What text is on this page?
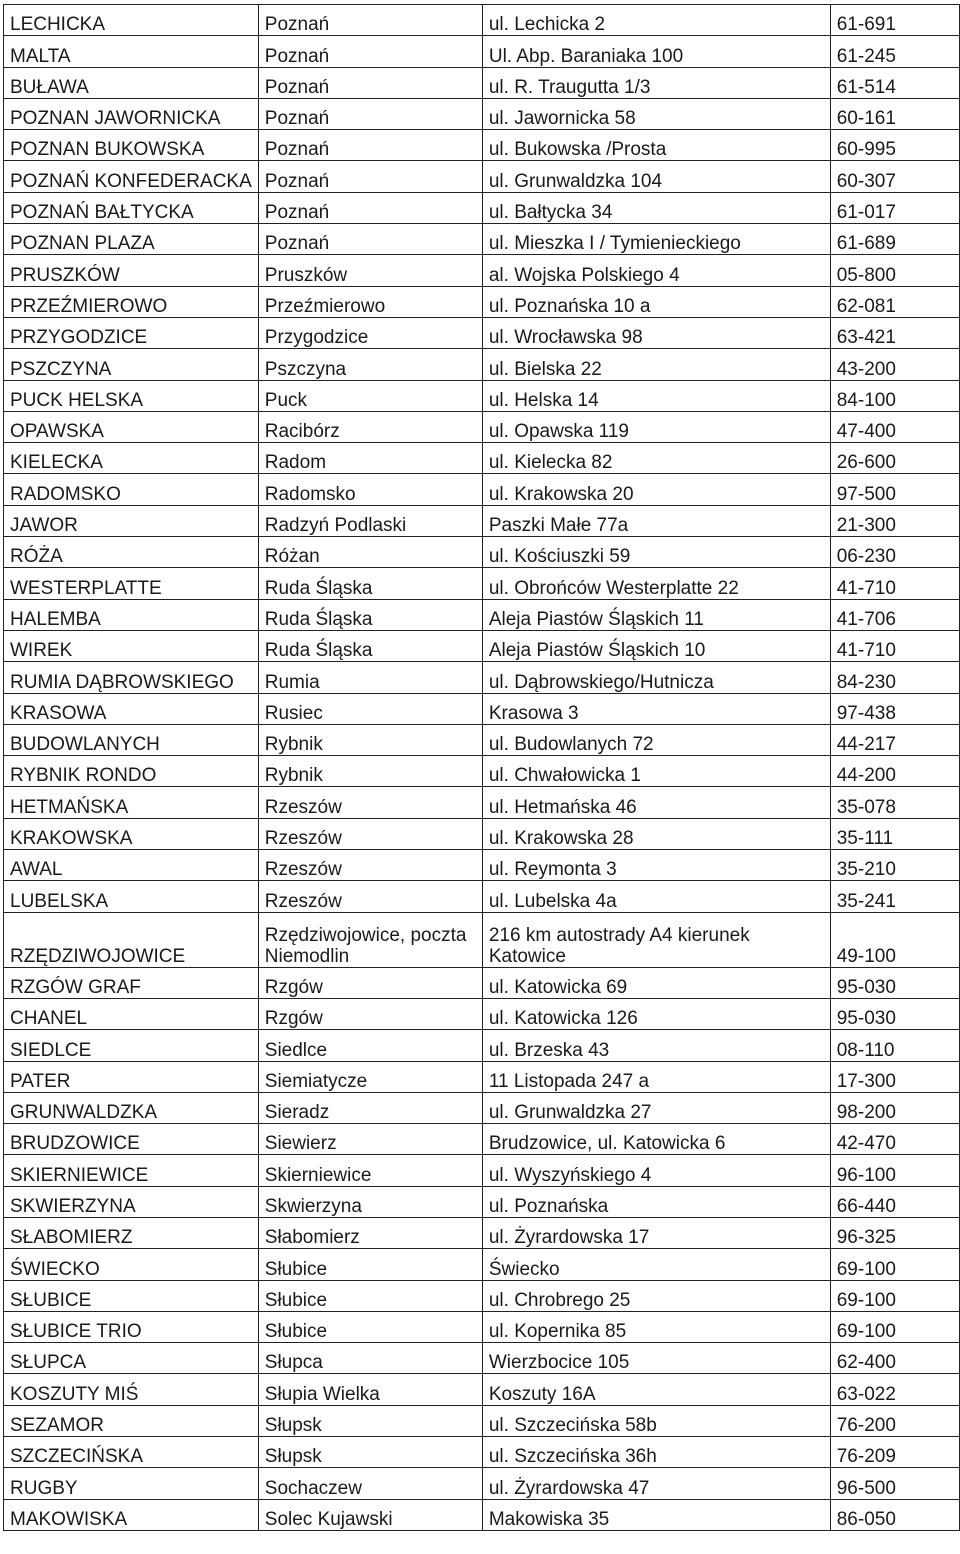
LECHICKA	Poznań	ul. Lechicka 2	61-691
MALTA	Poznań	Ul. Abp. Baraniaka 100	61-245
BUŁAWA	Poznań	ul. R. Traugutta 1/3	61-514
POZNAN JAWORNICKA	Poznań	ul. Jawornicka 58	60-161
POZNAN BUKOWSKA	Poznań	ul. Bukowska /Prosta	60-995
POZNAŃ KONFEDERACKA	Poznań	ul. Grunwaldzka 104	60-307
POZNAŃ BAŁTYCKA	Poznań	ul. Bałtycka 34	61-017
POZNAN PLAZA	Poznań	ul. Mieszka I / Tymienieckiego	61-689
PRUSZKÓW	Pruszków	al. Wojska Polskiego 4	05-800
PRZEŹMIEROWO	Przeźmierowo	ul. Poznańska 10 a	62-081
PRZYGODZICE	Przygodzice	ul. Wrocławska 98	63-421
PSZCZYNA	Pszczyna	ul. Bielska 22	43-200
PUCK HELSKA	Puck	ul. Helska 14	84-100
OPAWSKA	Racibórz	ul. Opawska 119	47-400
KIELECKA	Radom	ul. Kielecka 82	26-600
RADOMSKO	Radomsko	ul. Krakowska 20	97-500
JAWOR	Radzyń Podlaski	Paszki Małe 77a	21-300
RÓŻA	Różan	ul. Kościuszki 59	06-230
WESTERPLATTE	Ruda Śląska	ul. Obrońców Westerplatte 22	41-710
HALEMBA	Ruda Śląska	Aleja Piastów Śląskich 11	41-706
WIREK	Ruda Śląska	Aleja Piastów Śląskich 10	41-710
RUMIA DĄBROWSKIEGO	Rumia	ul. Dąbrowskiego/Hutnicza	84-230
KRASOWA	Rusiec	Krasowa 3	97-438
BUDOWLANYCH	Rybnik	ul. Budowlanych 72	44-217
RYBNIK RONDO	Rybnik	ul. Chwałowicka 1	44-200
HETMAŃSKA	Rzeszów	ul. Hetmańska 46	35-078
KRAKOWSKA	Rzeszów	ul. Krakowska 28	35-111
AWAL	Rzeszów	ul. Reymonta 3	35-210
LUBELSKA	Rzeszów	ul. Lubelska 4a	35-241
RZĘDZIWOJOWICE	Rzędziwojowice, poczta Niemodlin	216 km autostrady A4 kierunek Katowice	49-100
RZGÓW GRAF	Rzgów	ul. Katowicka 69	95-030
CHANEL	Rzgów	ul. Katowicka 126	95-030
SIEDLCE	Siedlce	ul. Brzeska 43	08-110
PATER	Siemiatycze	11 Listopada 247 a	17-300
GRUNWALDZKA	Sieradz	ul. Grunwaldzka 27	98-200
BRUDZOWICE	Siewierz	Brudzowice, ul. Katowicka 6	42-470
SKIERNIEWICE	Skierniewice	ul. Wyszyńskiego 4	96-100
SKWIERZYNA	Skwierzyna	ul. Poznańska	66-440
SŁABOMIERZ	Słabomierz	ul. Żyrardowska 17	96-325
ŚWIECKO	Słubice	Świecko	69-100
SŁUBICE	Słubice	ul. Chrobrego 25	69-100
SŁUBICE TRIO	Słubice	ul. Kopernika 85	69-100
SŁUPCA	Słupca	Wierzbocice 105	62-400
KOSZUTY MIŚ	Słupia Wielka	Koszuty 16A	63-022
SEZAMOR	Słupsk	ul. Szczecińska 58b	76-200
SZCZECIŃSKA	Słupsk	ul. Szczecińska 36h	76-209
RUGBY	Sochaczew	ul. Żyrardowska 47	96-500
MAKOWISKA	Solec Kujawski	Makowiska 35	86-050
